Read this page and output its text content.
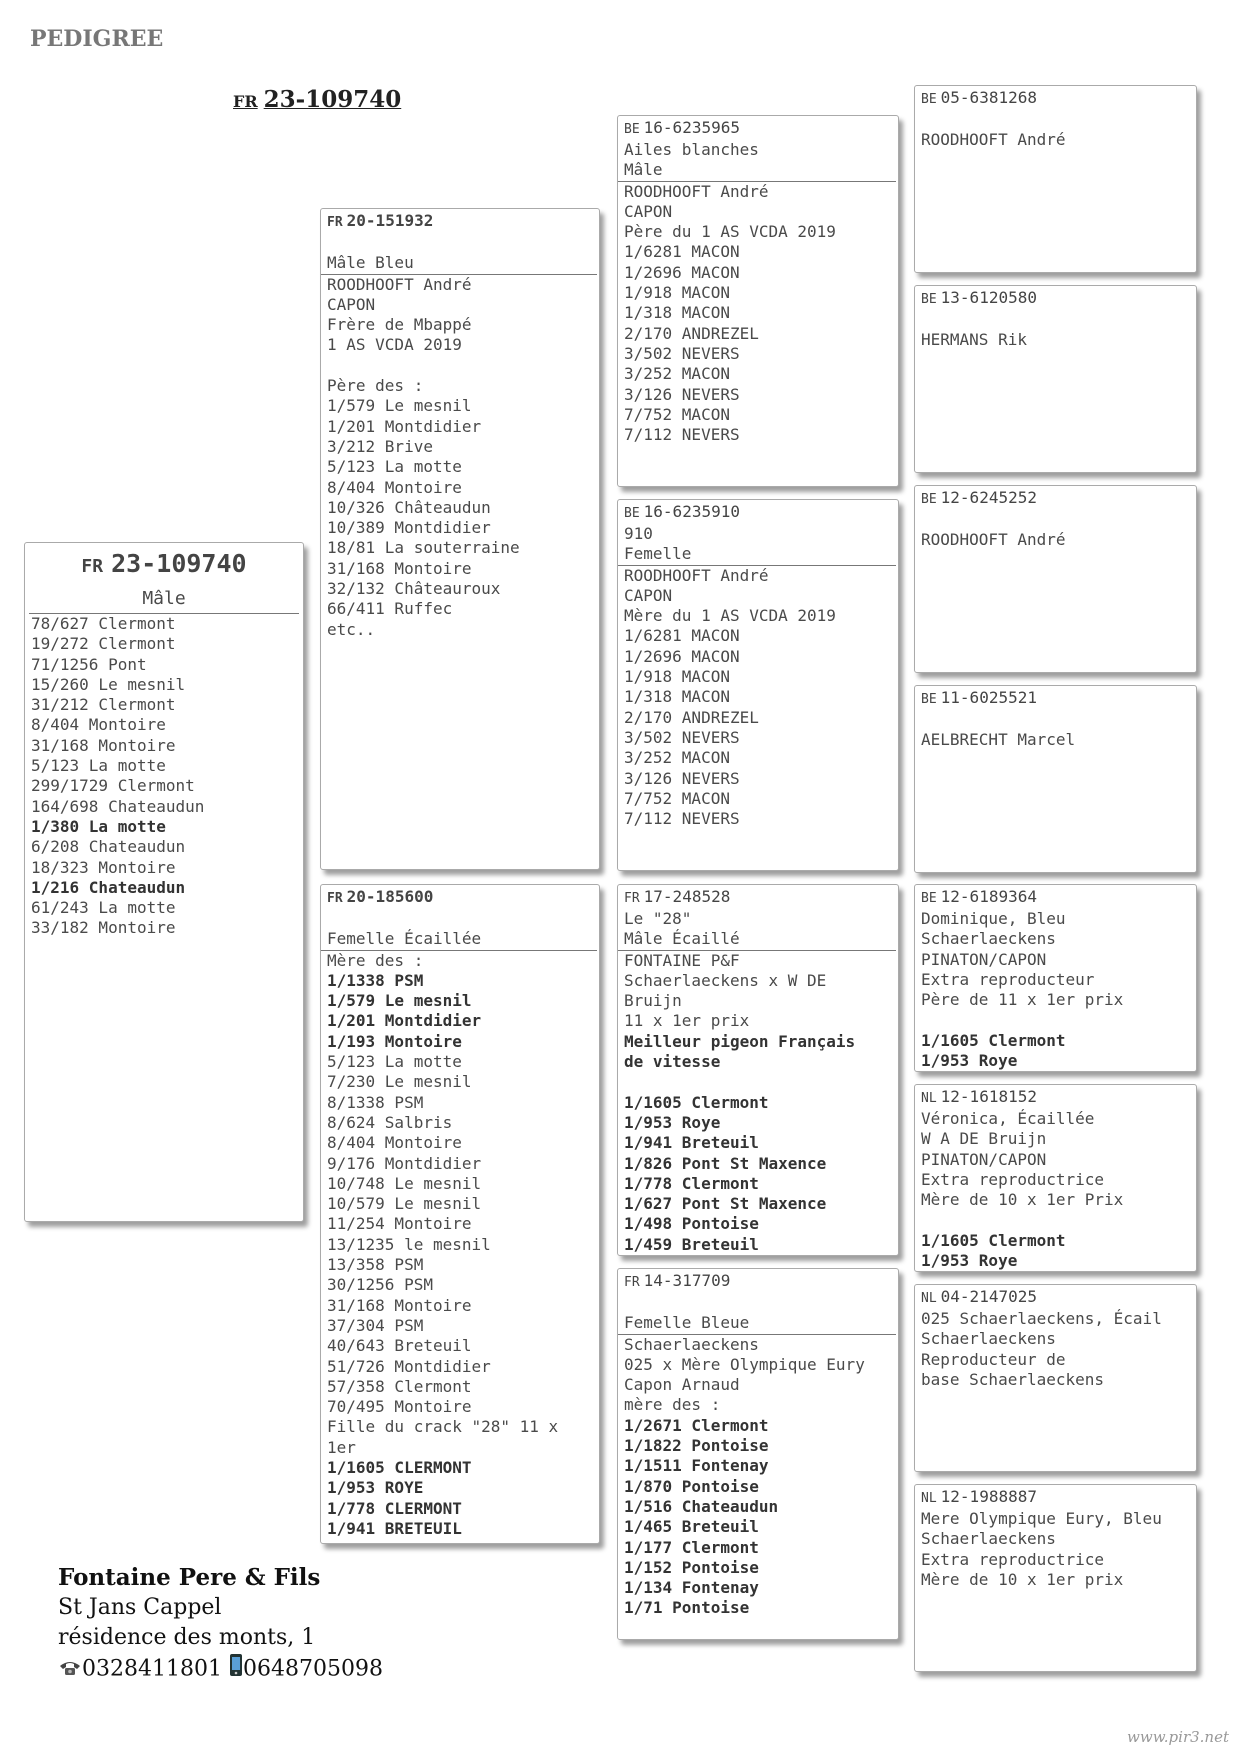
PEDIGREE
FR 23-109740
FR 23-109740
Mâle
78/627 Clermont
19/272 Clermont
71/1256 Pont
15/260 Le mesnil
31/212 Clermont
8/404 Montoire
31/168 Montoire
5/123 La motte
299/1729 Clermont
164/698 Chateaudun
1/380 La motte
6/208 Chateaudun
18/323 Montoire
1/216 Chateaudun
61/243 La motte
33/182 Montoire
FR 20-151932
Mâle Bleu
ROODHOOFT André
CAPON
Frère de Mbappé
1 AS VCDA 2019
Père des :
1/579 Le mesnil
1/201 Montdidier
3/212 Brive
5/123 La motte
8/404 Montoire
10/326 Châteaudun
10/389 Montdidier
18/81 La souterraine
31/168 Montoire
32/132 Châteauroux
66/411 Ruffec
etc..
FR 20-185600
Femelle Écaillée
Mère des :
1/1338 PSM
1/579 Le mesnil
1/201 Montdidier
1/193 Montoire
5/123 La motte
7/230 Le mesnil
8/1338 PSM
8/624 Salbris
8/404 Montoire
9/176 Montdidier
10/748 Le mesnil
10/579 Le mesnil
11/254 Montoire
13/1235 le mesnil
13/358 PSM
30/1256 PSM
31/168 Montoire
37/304 PSM
40/643 Breteuil
51/726 Montdidier
57/358 Clermont
70/495 Montoire
Fille du crack "28" 11 x
1er
1/1605 CLERMONT
1/953 ROYE
1/778 CLERMONT
1/941 BRETEUIL
BE 16-6235965
Ailes blanches
Mâle
ROODHOOFT André
CAPON
Père du 1 AS VCDA 2019
1/6281 MACON
1/2696 MACON
1/918 MACON
1/318 MACON
2/170 ANDREZEL
3/502 NEVERS
3/252 MACON
3/126 NEVERS
7/752 MACON
7/112 NEVERS
BE 16-6235910
910
Femelle
ROODHOOFT André
CAPON
Mère du 1 AS VCDA 2019
1/6281 MACON
1/2696 MACON
1/918 MACON
1/318 MACON
2/170 ANDREZEL
3/502 NEVERS
3/252 MACON
3/126 NEVERS
7/752 MACON
7/112 NEVERS
FR 17-248528
Le "28"
Mâle Écaillé
FONTAINE P&F
Schaerlaeckens x W DE
Bruijn
11 x 1er prix
Meilleur pigeon Français
de vitesse
1/1605 Clermont
1/953 Roye
1/941 Breteuil
1/826 Pont St Maxence
1/778 Clermont
1/627 Pont St Maxence
1/498 Pontoise
1/459 Breteuil
FR 14-317709
Femelle Bleue
Schaerlaeckens
025 x Mère Olympique Eury
Capon Arnaud
mère des :
1/2671 Clermont
1/1822 Pontoise
1/1511 Fontenay
1/870 Pontoise
1/516 Chateaudun
1/465 Breteuil
1/177 Clermont
1/152 Pontoise
1/134 Fontenay
1/71 Pontoise
BE 05-6381268
ROODHOOFT André
BE 13-6120580
HERMANS Rik
BE 12-6245252
ROODHOOFT André
BE 11-6025521
AELBRECHT Marcel
BE 12-6189364
Dominique, Bleu
Schaerlaeckens
PINATON/CAPON
Extra reproducteur
Père de 11 x 1er prix
1/1605 Clermont
1/953 Roye
NL 12-1618152
Véronica, Écaillée
W A DE Bruijn
PINATON/CAPON
Extra reproductrice
Mère de 10 x 1er Prix
1/1605 Clermont
1/953 Roye
NL 04-2147025
025 Schaerlaeckens, Écail
Schaerlaeckens
Reproducteur de
base Schaerlaeckens
NL 12-1988887
Mere Olympique Eury, Bleu
Schaerlaeckens
Extra reproductrice
Mère de 10 x 1er prix
Fontaine Pere & Fils
St Jans Cappel
résidence des monts, 1
0328411801 0648705098
www.pir3.net
